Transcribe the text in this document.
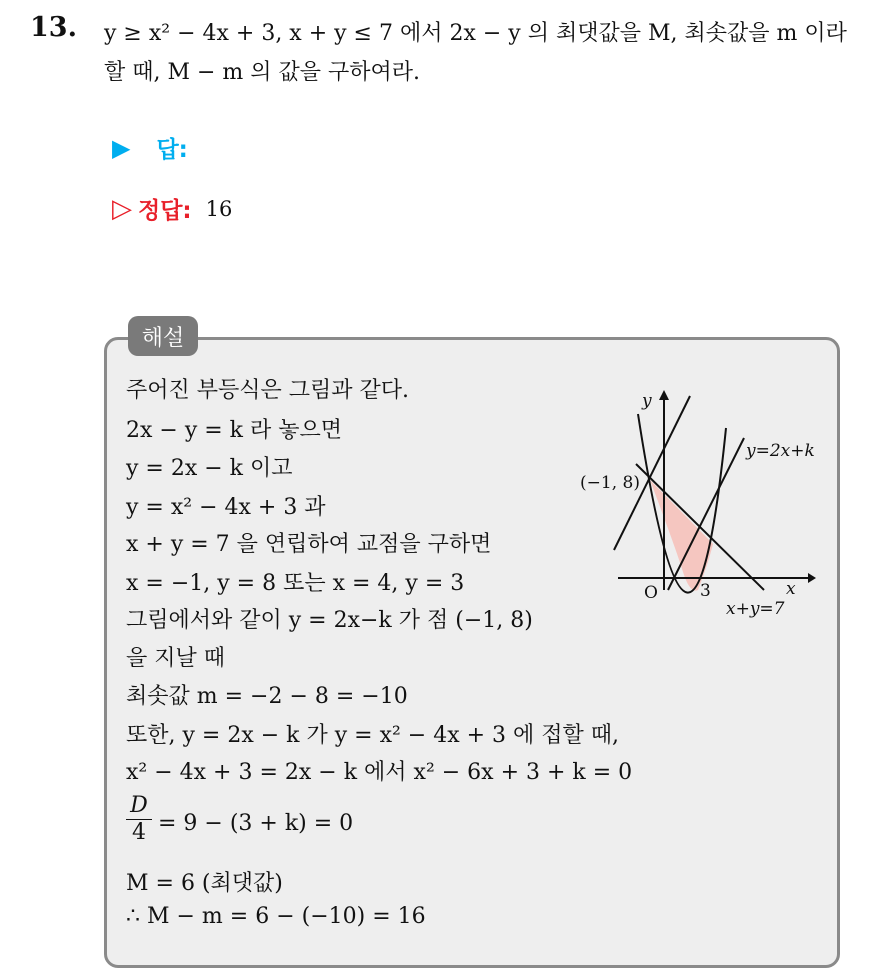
13. y ≥ x² − 4x + 3, x + y ≤ 7 에서 2x − y 의 최댓값을 M, 최솟값을 m 이라
할 때, M − m 의 값을 구하여라.
▶ 답:
▷ 정답: 16
해설
주어진 부등식은 그림과 같다.
2x − y = k 라 놓으면
y = 2x − k 이고
y = x² − 4x + 3 과
x + y = 7 을 연립하여 교점을 구하면
x = −1, y = 8 또는 x = 4, y = 3
그림에서와 같이 y = 2x−k 가 점 (−1, 8)
을 지날 때
최솟값 m = −2 − 8 = −10
또한, y = 2x − k 가 y = x² − 4x + 3 에 접할 때,
x² − 4x + 3 = 2x − k 에서 x² − 6x + 3 + k = 0
$\frac{D}{4} = 9 - (3 + k) = 0$
M = 6 (최댓값)
∴ M − m = 6 − (−10) = 16
y
x
O 3
(−1, 8)
y=2x+k
x+y=7
